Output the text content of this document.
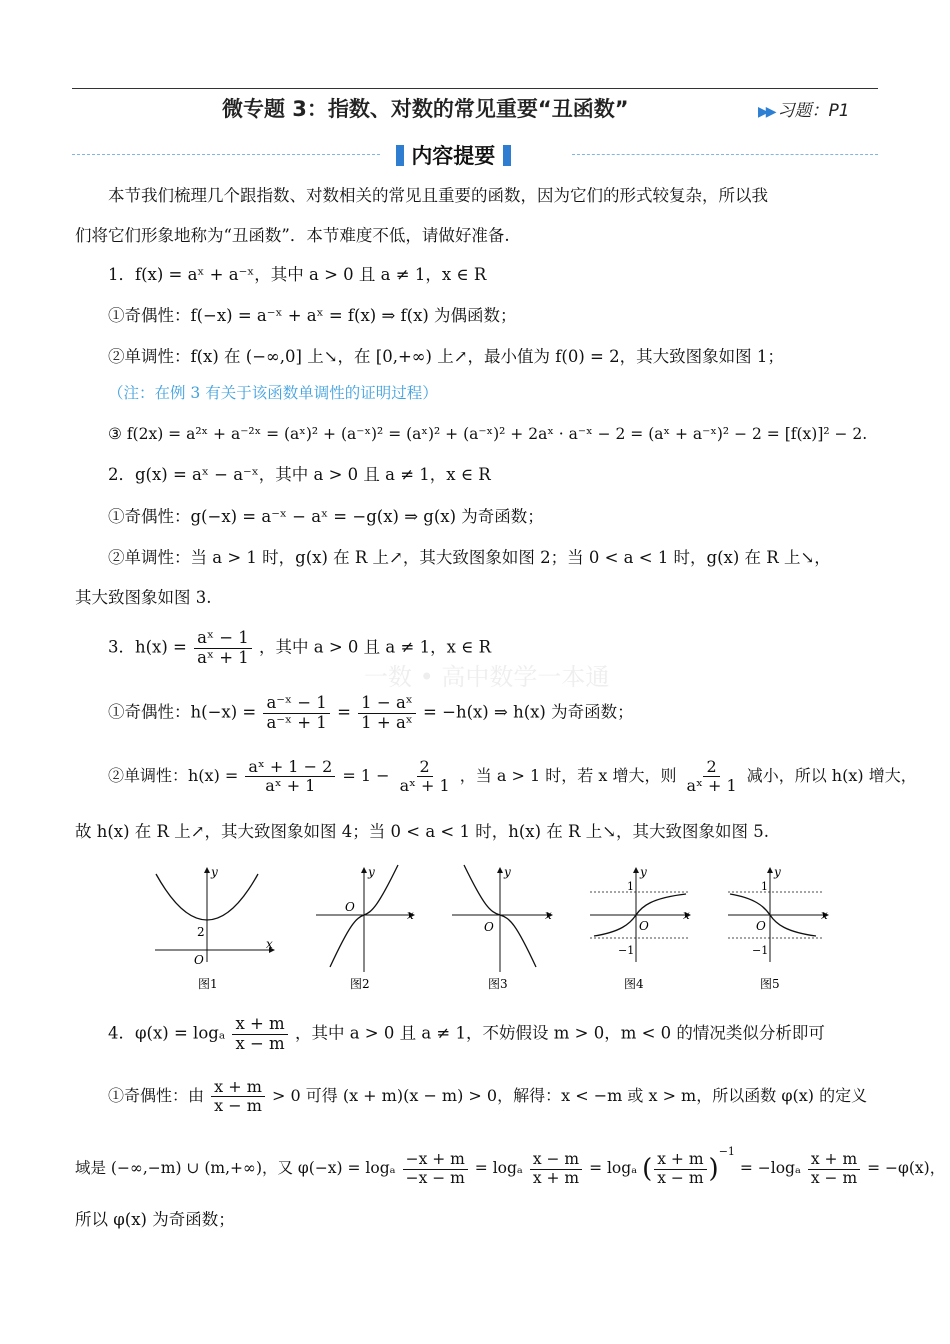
微专题 3：指数、对数的常见重要“丑函数”	▶▶ 习题：P1
内容提要
一数 • 高中数学一本通
本节我们梳理几个跟指数、对数相关的常见且重要的函数，因为它们的形式较复杂，所以我
们将它们形象地称为“丑函数”．本节难度不低，请做好准备.
1．f(x) = aˣ + a⁻ˣ，其中 a > 0 且 a ≠ 1，x ∈ R
①奇偶性：f(−x) = a⁻ˣ + aˣ = f(x) ⇒ f(x) 为偶函数；
②单调性：f(x) 在 (−∞,0] 上↘，在 [0,+∞) 上↗，最小值为 f(0) = 2，其大致图象如图 1；
（注：在例 3 有关于该函数单调性的证明过程）
③ f(2x) = a²ˣ + a⁻²ˣ = (aˣ)² + (a⁻ˣ)² = (aˣ)² + (a⁻ˣ)² + 2aˣ · a⁻ˣ − 2 = (aˣ + a⁻ˣ)² − 2 = [f(x)]² − 2.
2．g(x) = aˣ − a⁻ˣ，其中 a > 0 且 a ≠ 1，x ∈ R
①奇偶性：g(−x) = a⁻ˣ − aˣ = −g(x) ⇒ g(x) 为奇函数；
②单调性：当 a > 1 时，g(x) 在 R 上↗，其大致图象如图 2；当 0 < a < 1 时，g(x) 在 R 上↘，
其大致图象如图 3.
3．$h(x) = \frac{\text{aˣ − 1}}{\text{aˣ + 1}}$ ，其中 a > 0 且 a ≠ 1，x ∈ R
①奇偶性：$h(-x) = \frac{\text{a⁻ˣ − 1}}{\text{a⁻ˣ + 1}} = \frac{\text{1 − aˣ}}{\text{1 + aˣ}} = -h(x)$ ⇒ h(x) 为奇函数；
②单调性：$h(x) = \frac{\text{aˣ + 1 − 2}}{\text{aˣ + 1}} = 1 - \frac{2}{\text{aˣ + 1}}$ ，当 a > 1 时，若 x 增大，则 $\frac{2}{\text{aˣ + 1}}$ 减小，所以 h(x) 增大，
故 h(x) 在 R 上↗，其大致图象如图 4；当 0 < a < 1 时，h(x) 在 R 上↘，其大致图象如图 5.
x
y
2
O
图1
x
y
O
图2
x
y
O
图3
x
y
1
−1
O
图4
x
y
1
−1
O
图5
4．φ(x) = logₐ $\frac{x + m}{x - m}$ ，其中 a > 0 且 a ≠ 1，不妨假设 m > 0，m < 0 的情况类似分析即可
①奇偶性：由 $\frac{x + m}{x - m} > 0$ 可得 (x + m)(x − m) > 0，解得：x < −m 或 x > m，所以函数 φ(x) 的定义
域是 (−∞,−m) ∪ (m,+∞)，又 φ(−x) = logₐ $\frac{-x + m}{-x - m} = \log_a \frac{x - m}{x + m} = \log_a$ ( $\frac{x + m}{x - m} )^{-1} = -\log_a \frac{x + m}{x - m} = -\varphi(x)$，
所以 φ(x) 为奇函数；
